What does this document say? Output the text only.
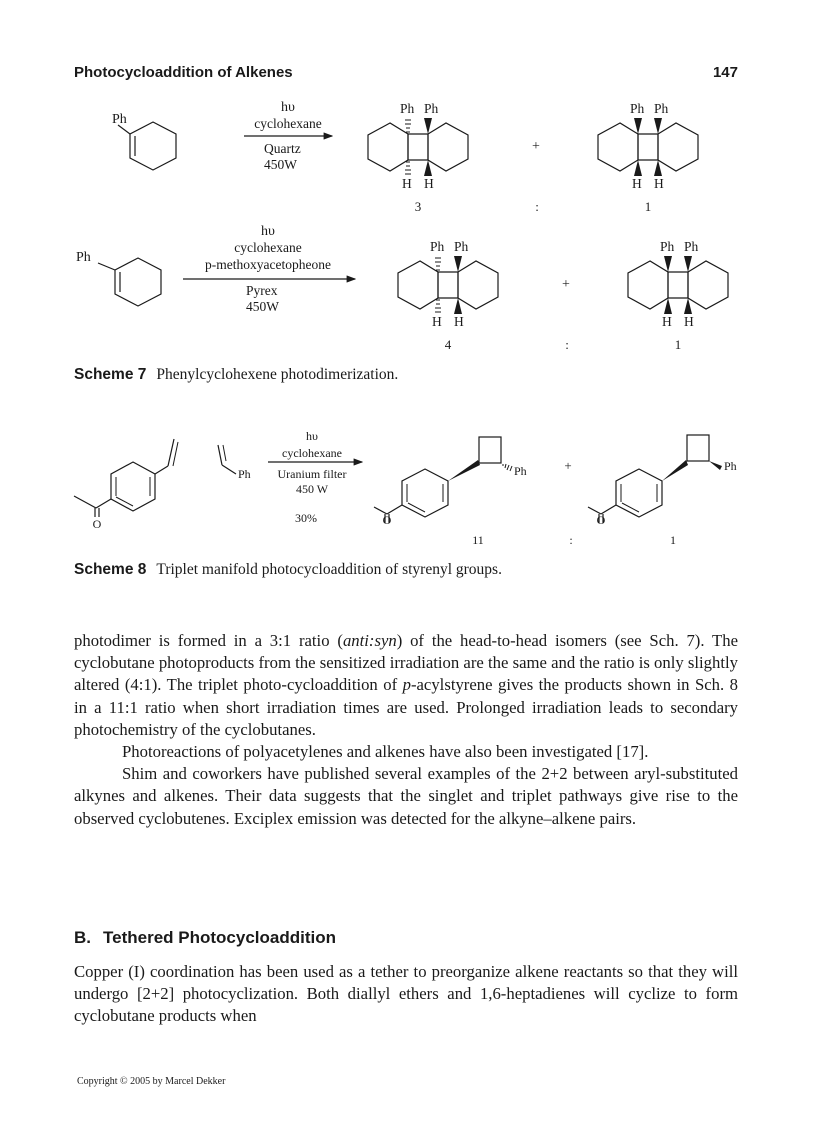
Photocycloaddition of Alkenes	147
Ph
hυ
cyclohexane
Quartz
450W
Ph Ph
H H
3
+
:
Ph Ph
H H
1
Ph
hυ
cyclohexane
p-methoxyacetopheone
Pyrex
450W
Ph Ph
H H
4
+
:
Ph Ph
H H
1
Scheme 7 Phenylcyclohexene photodimerization.
O
Ph
hυ
cyclohexane
Uranium filter
450 W
30%
Ph
O
11
+
:
Ph
O
1
Scheme 8 Triplet manifold photocycloaddition of styrenyl groups.

photodimer is formed in a 3:1 ratio (anti:syn) of the head-to-head isomers (see Sch. 7). The cyclobutane photoproducts from the sensitized irradiation are the same and the ratio is only slightly altered (4:1). The triplet photo-cycloaddition of p-acylstyrene gives the products shown in Sch. 8 in a 11:1 ratio when short irradiation times are used. Prolonged irradiation leads to secondary photochemistry of the cyclobutanes.

Photoreactions of polyacetylenes and alkenes have also been investigated [17].

Shim and coworkers have published several examples of the 2+2 between aryl-substituted alkynes and alkenes. Their data suggests that the singlet and triplet pathways give rise to the observed cyclobutenes. Exciplex emission was detected for the alkyne–alkene pairs.

B. Tethered Photocycloaddition

Copper (I) coordination has been used as a tether to preorganize alkene reactants so that they will undergo [2+2] photocyclization. Both diallyl ethers and 1,6-heptadienes will cyclize to form cyclobutane products when

Copyright © 2005 by Marcel Dekker
